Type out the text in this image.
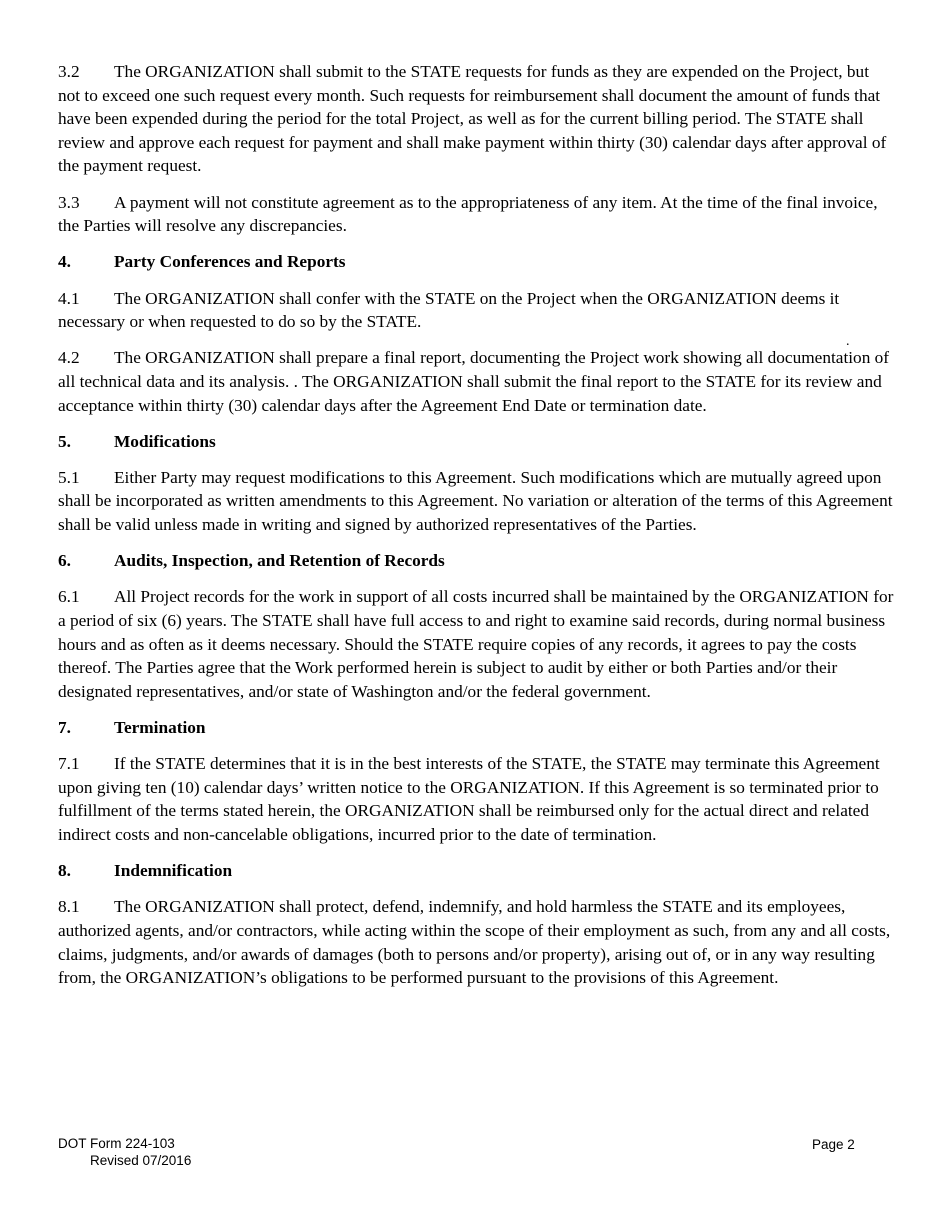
3.2 The ORGANIZATION shall submit to the STATE requests for funds as they are expended on the Project, but not to exceed one such request every month. Such requests for reimbursement shall document the amount of funds that have been expended during the period for the total Project, as well as for the current billing period. The STATE shall review and approve each request for payment and shall make payment within thirty (30) calendar days after approval of the payment request.

3.3 A payment will not constitute agreement as to the appropriateness of any item. At the time of the final invoice, the Parties will resolve any discrepancies.

4. Party Conferences and Reports

4.1 The ORGANIZATION shall confer with the STATE on the Project when the ORGANIZATION deems it necessary or when requested to do so by the STATE.

4.2 The ORGANIZATION shall prepare a final report, documenting the Project work showing all documentation of all technical data and its analysis. . The ORGANIZATION shall submit the final report to the STATE for its review and acceptance within thirty (30) calendar days after the Agreement End Date or termination date.

5. Modifications

5.1 Either Party may request modifications to this Agreement. Such modifications which are mutually agreed upon shall be incorporated as written amendments to this Agreement. No variation or alteration of the terms of this Agreement shall be valid unless made in writing and signed by authorized representatives of the Parties.

6. Audits, Inspection, and Retention of Records

6.1 All Project records for the work in support of all costs incurred shall be maintained by the ORGANIZATION for a period of six (6) years. The STATE shall have full access to and right to examine said records, during normal business hours and as often as it deems necessary. Should the STATE require copies of any records, it agrees to pay the costs thereof. The Parties agree that the Work performed herein is subject to audit by either or both Parties and/or their designated representatives, and/or state of Washington and/or the federal government.

7. Termination

7.1 If the STATE determines that it is in the best interests of the STATE, the STATE may terminate this Agreement upon giving ten (10) calendar days’ written notice to the ORGANIZATION. If this Agreement is so terminated prior to fulfillment of the terms stated herein, the ORGANIZATION shall be reimbursed only for the actual direct and related indirect costs and non-cancelable obligations, incurred prior to the date of termination.

8. Indemnification

8.1 The ORGANIZATION shall protect, defend, indemnify, and hold harmless the STATE and its employees, authorized agents, and/or contractors, while acting within the scope of their employment as such, from any and all costs, claims, judgments, and/or awards of damages (both to persons and/or property), arising out of, or in any way resulting from, the ORGANIZATION’s obligations to be performed pursuant to the provisions of this Agreement.

.
DOT Form 224-103
Revised 07/2016
Page 2
